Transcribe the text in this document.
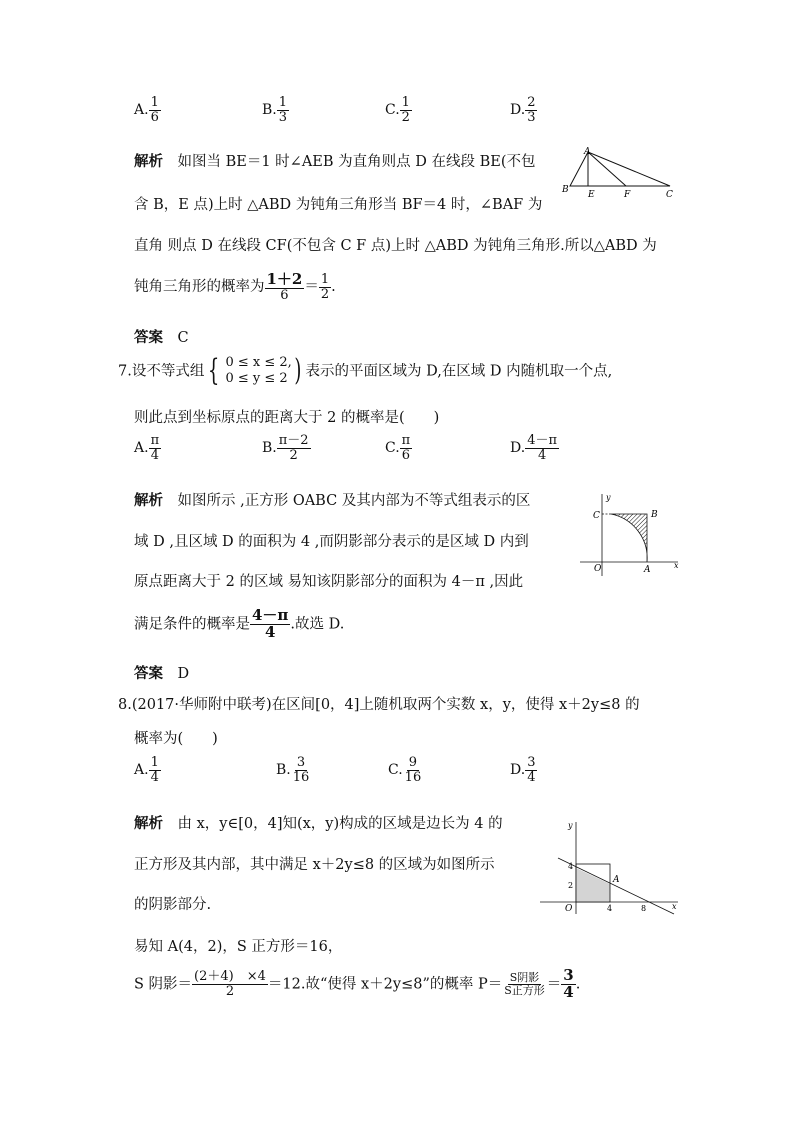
A. $\frac{1}{6}$	B. $\frac{1}{3}$	C. $\frac{1}{2}$	D. $\frac{2}{3}$
解析　 如图当 BE＝1 时∠AEB 为直角则点 D 在线段 BE(不包
含 B，E 点)上时 △ABD 为钝角三角形当 BF＝4 时，∠BAF 为
直角 则点 D 在线段 CF(不包含 C F 点)上时 △ABD 为钝角三角形.所以△ABD 为
钝角三角形的概率为 $\frac{1+2}{6} = \frac{1}{2}$ .
答案　 C
A
B E	F	C
7.设不等式组 { 0 ≤ x ≤ 2,
0 ≤ y ≤ 2 ) 表示的平面区域为 D,在区域 D 内随机取一个点,
则此点到坐标原点的距离大于 2 的概率是(　　)
A. $\frac{\pi}{4}$	B. $\frac{\pi-2}{2}$	C. $\frac{\pi}{6}$	D. $\frac{4-\pi}{4}$
解析　 如图所示 ,正方形 OABC 及其内部为不等式组表示的区
域 D ,且区域 D 的面积为 4 ,而阴影部分表示的是区域 D 内到
原点距离大于 2 的区域 易知该阴影部分的面积为 4－π ,因此
满足条件的概率是 $\frac{4-\pi}{4}$ .故选 D.
答案　 D
y
x
C	B
O	A
8.(2017·华师附中联考)在区间[0，4]上随机取两个实数 x，y，使得 x＋2y≤8 的
概率为(　　)
A. $\frac{1}{4}$	B. $\frac{3}{16}$	C. $\frac{9}{16}$	D. $\frac{3}{4}$
解析　 由 x，y∈[0，4]知(x，y)构成的区域是边长为 4 的
正方形及其内部，其中满足 x＋2y≤8 的区域为如图所示
的阴影部分.
易知 A(4，2)，S 正方形＝16，
S 阴影＝ $\frac{(2+4) \times 4}{2} =12$.故“使得 x＋2y≤8”的概率 $P= \frac{\text{S阴影}}{\text{S正方形}} = \frac{3}{4}$ .
y
x
O
A
4
2
4	8
